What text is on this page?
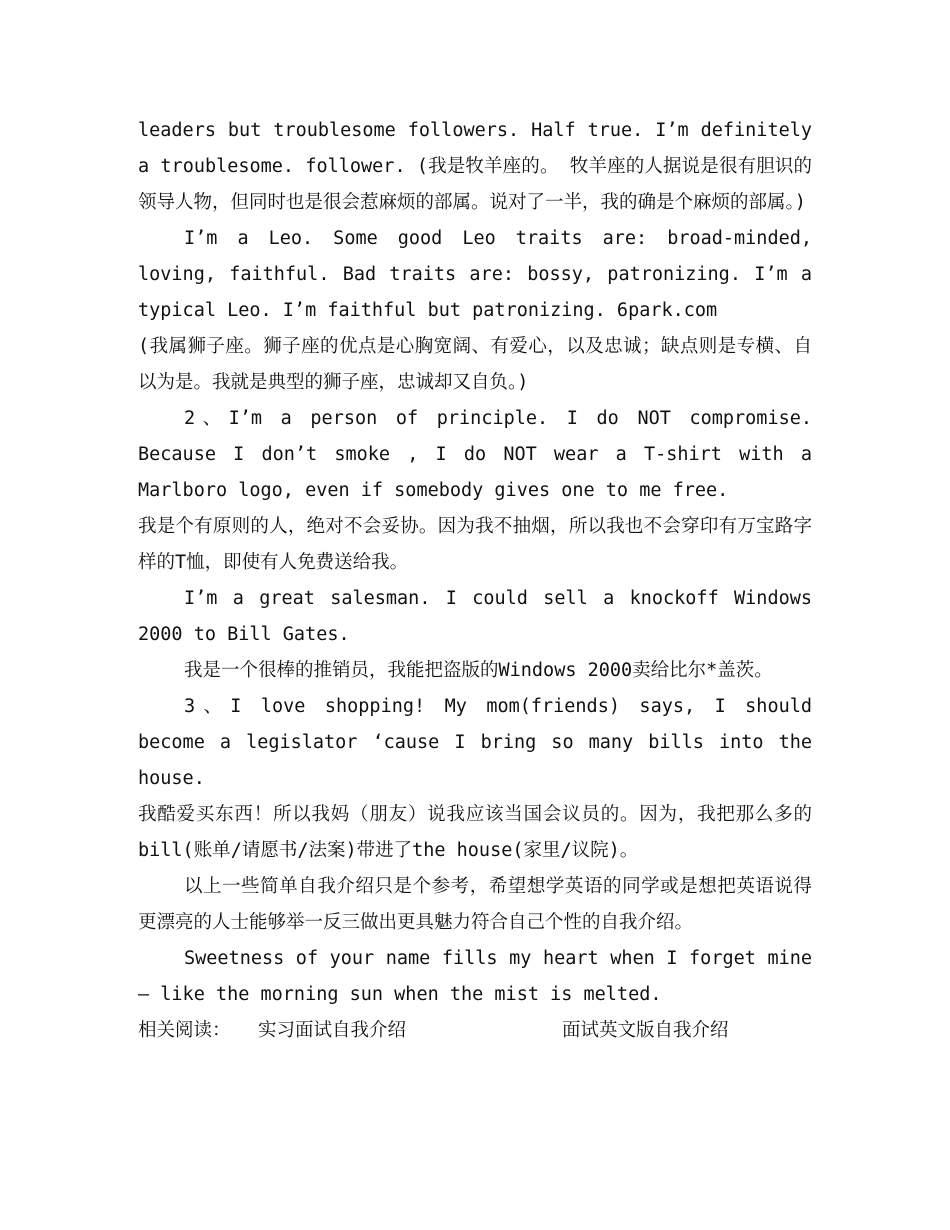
leaders but troublesome followers. Half true. I’m definitely a troublesome. follower. (我是牧羊座的。 牧羊座的人据说是很有胆识的领导人物，但同时也是很会惹麻烦的部属。说对了一半，我的确是个麻烦的部属。)

I’m a Leo. Some good Leo traits are: broad-minded, loving, faithful. Bad traits are: bossy, patronizing. I’m a typical Leo. I’m faithful but patronizing. 6park.com

(我属狮子座。狮子座的优点是心胸宽阔、有爱心，以及忠诚；缺点则是专横、自以为是。我就是典型的狮子座，忠诚却又自负。)

2、I’m a person of principle. I do NOT compromise. Because I don’t smoke , I do NOT wear a T-shirt with a Marlboro logo, even if somebody gives one to me free.

我是个有原则的人，绝对不会妥协。因为我不抽烟，所以我也不会穿印有万宝路字样的T恤，即使有人免费送给我。

I’m a great salesman. I could sell a knockoff Windows 2000 to Bill Gates.

我是一个很棒的推销员，我能把盗版的Windows 2000卖给比尔*盖茨。

3、I love shopping! My mom(friends) says, I should become a legislator ‘cause I bring so many bills into the house.

我酷爱买东西！所以我妈（朋友）说我应该当国会议员的。因为，我把那么多的bill(账单/请愿书/法案)带进了the house(家里/议院)。

以上一些简单自我介绍只是个参考，希望想学英语的同学或是想把英语说得更漂亮的人士能够举一反三做出更具魅力符合自己个性的自我介绍。

Sweetness of your name fills my heart when I forget mine — like the morning sun when the mist is melted.

相关阅读：	实习面试自我介绍	面试英文版自我介绍
